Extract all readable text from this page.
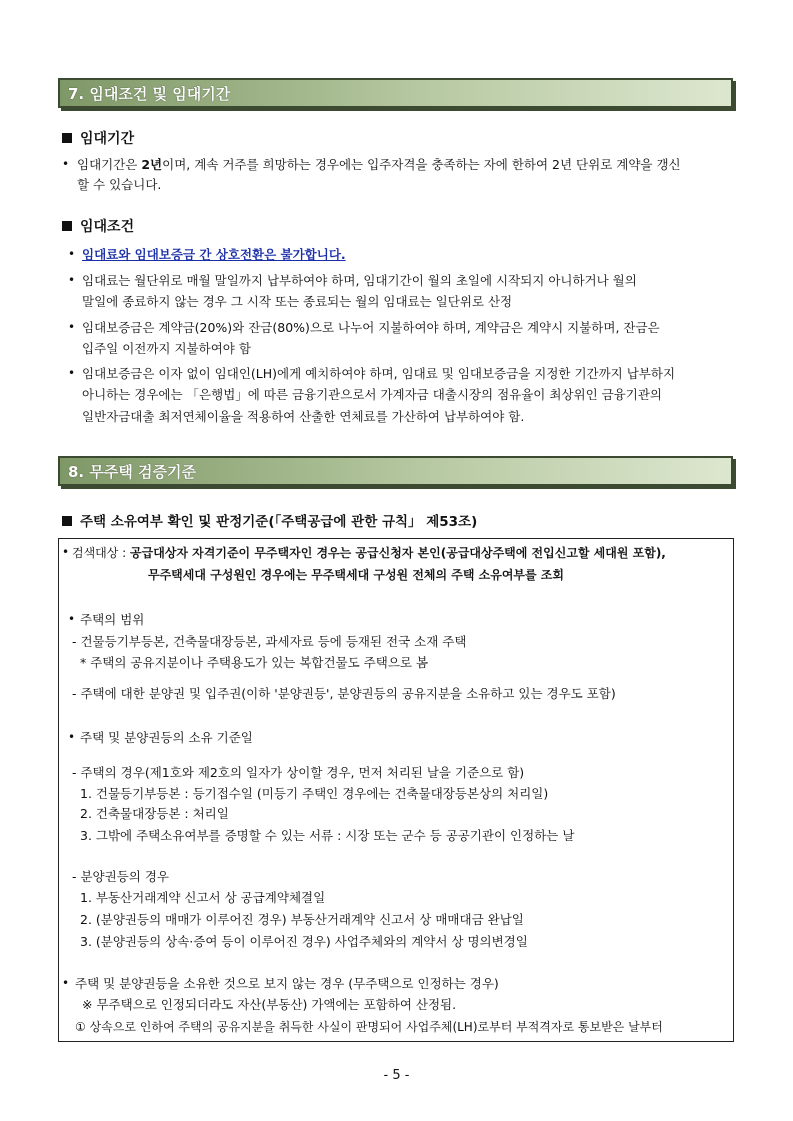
7. 임대조건 및 임대기간
임대기간
• 임대기간은 2년이며, 계속 거주를 희망하는 경우에는 입주자격을 충족하는 자에 한하여 2년 단위로 계약을 갱신
할 수 있습니다.
임대조건
• 임대료와 임대보증금 간 상호전환은 불가합니다.
• 임대료는 월단위로 매월 말일까지 납부하여야 하며, 임대기간이 월의 초일에 시작되지 아니하거나 월의
말일에 종료하지 않는 경우 그 시작 또는 종료되는 월의 임대료는 일단위로 산정
• 임대보증금은 계약금(20%)와 잔금(80%)으로 나누어 지불하여야 하며, 계약금은 계약시 지불하며, 잔금은
입주일 이전까지 지불하여야 함
• 임대보증금은 이자 없이 임대인(LH)에게 예치하여야 하며, 임대료 및 임대보증금을 지정한 기간까지 납부하지
아니하는 경우에는 「은행법」에 따른 금융기관으로서 가계자금 대출시장의 점유율이 최상위인 금융기관의
일반자금대출 최저연체이율을 적용하여 산출한 연체료를 가산하여 납부하여야 함.
8. 무주택 검증기준
주택 소유여부 확인 및 판정기준(「주택공급에 관한 규칙」 제53조)
• 검색대상 : 공급대상자 자격기준이 무주택자인 경우는 공급신청자 본인(공급대상주택에 전입신고할 세대원 포함),
무주택세대 구성원인 경우에는 무주택세대 구성원 전체의 주택 소유여부를 조회
• 주택의 범위
- 건물등기부등본, 건축물대장등본, 과세자료 등에 등재된 전국 소재 주택
* 주택의 공유지분이나 주택용도가 있는 복합건물도 주택으로 봄
- 주택에 대한 분양권 및 입주권(이하 '분양권등', 분양권등의 공유지분을 소유하고 있는 경우도 포함)
• 주택 및 분양권등의 소유 기준일
- 주택의 경우(제1호와 제2호의 일자가 상이할 경우, 먼저 처리된 날을 기준으로 함)
1. 건물등기부등본 : 등기접수일 (미등기 주택인 경우에는 건축물대장등본상의 처리일)
2. 건축물대장등본 : 처리일
3. 그밖에 주택소유여부를 증명할 수 있는 서류 : 시장 또는 군수 등 공공기관이 인정하는 날
- 분양권등의 경우
1. 부동산거래계약 신고서 상 공급계약체결일
2. (분양권등의 매매가 이루어진 경우) 부동산거래계약 신고서 상 매매대금 완납일
3. (분양권등의 상속·증여 등이 이루어진 경우) 사업주체와의 계약서 상 명의변경일
• 주택 및 분양권등을 소유한 것으로 보지 않는 경우 (무주택으로 인정하는 경우)
※ 무주택으로 인정되더라도 자산(부동산) 가액에는 포함하여 산정됨.
① 상속으로 인하여 주택의 공유지분을 취득한 사실이 판명되어 사업주체(LH)로부터 부적격자로 통보받은 날부터
- 5 -
